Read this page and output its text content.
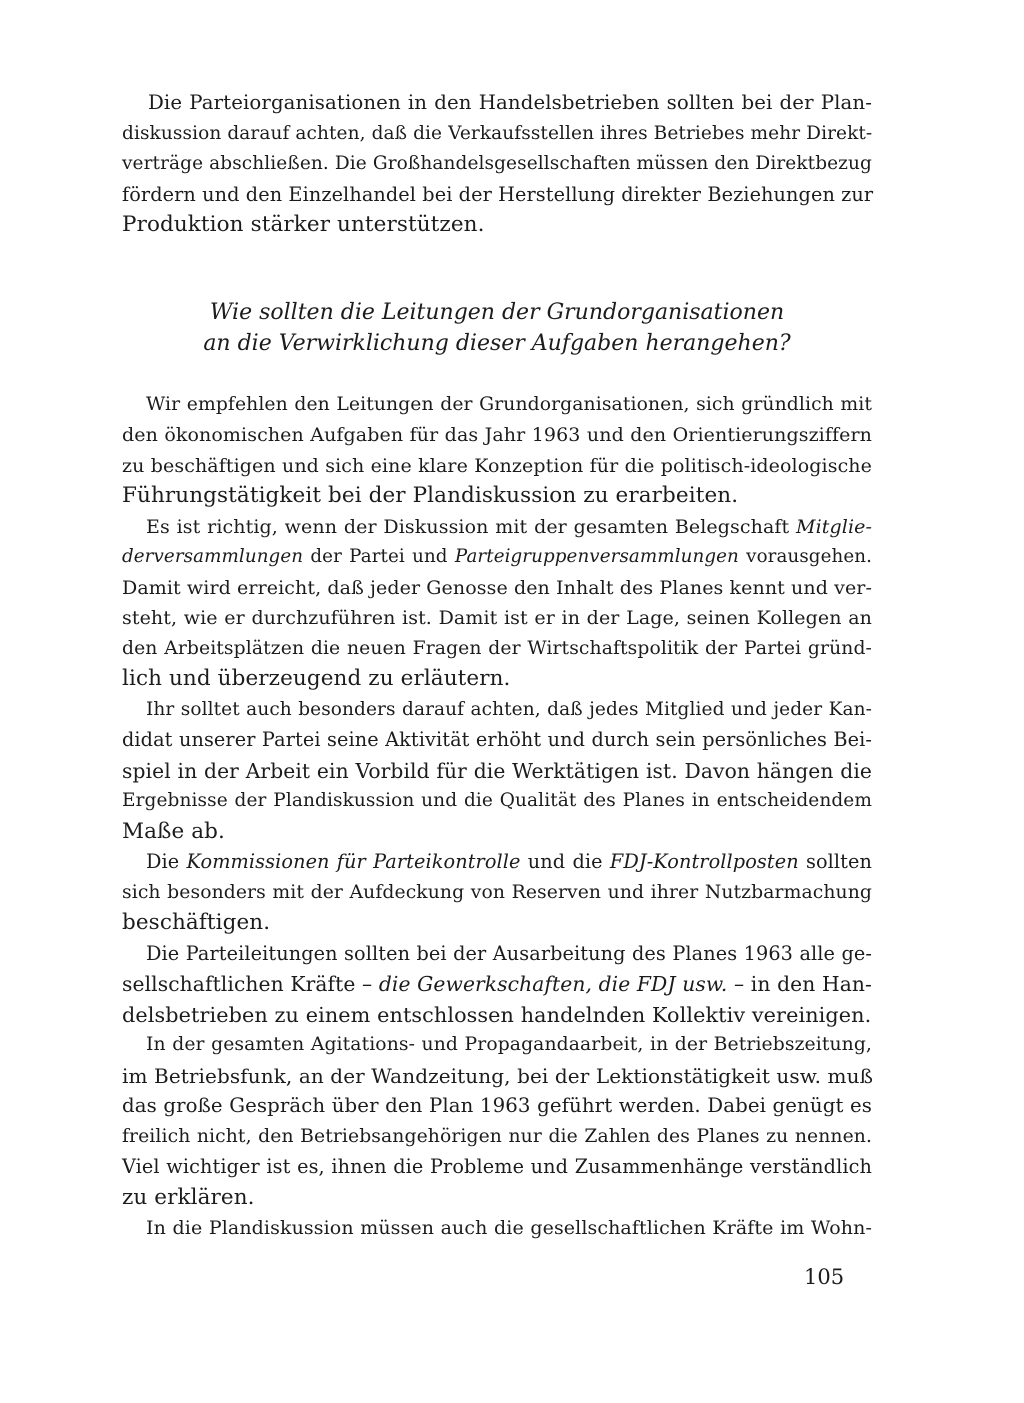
Die Parteiorganisationen in den Handelsbetrieben sollten bei der Plan-
diskussion darauf achten, daß die Verkaufsstellen ihres Betriebes mehr Direkt-
verträge abschließen. Die Großhandelsgesellschaften müssen den Direktbezug
fördern und den Einzelhandel bei der Herstellung direkter Beziehungen zur
Produktion stärker unterstützen.
Wie sollten die Leitungen der Grundorganisationen
an die Verwirklichung dieser Aufgaben herangehen?
Wir empfehlen den Leitungen der Grundorganisationen, sich gründlich mit
den ökonomischen Aufgaben für das Jahr 1963 und den Orientierungsziffern
zu beschäftigen und sich eine klare Konzeption für die politisch-ideologische
Führungstätigkeit bei der Plandiskussion zu erarbeiten.
Es ist richtig, wenn der Diskussion mit der gesamten Belegschaft Mitglie-
derversammlungen der Partei und Parteigruppenversammlungen vorausgehen.
Damit wird erreicht, daß jeder Genosse den Inhalt des Planes kennt und ver-
steht, wie er durchzuführen ist. Damit ist er in der Lage, seinen Kollegen an
den Arbeitsplätzen die neuen Fragen der Wirtschaftspolitik der Partei gründ-
lich und überzeugend zu erläutern.
Ihr solltet auch besonders darauf achten, daß jedes Mitglied und jeder Kan-
didat unserer Partei seine Aktivität erhöht und durch sein persönliches Bei-
spiel in der Arbeit ein Vorbild für die Werktätigen ist. Davon hängen die
Ergebnisse der Plandiskussion und die Qualität des Planes in entscheidendem
Maße ab.
Die Kommissionen für Parteikontrolle und die FDJ-Kontrollposten sollten
sich besonders mit der Aufdeckung von Reserven und ihrer Nutzbarmachung
beschäftigen.
Die Parteileitungen sollten bei der Ausarbeitung des Planes 1963 alle ge-
sellschaftlichen Kräfte – die Gewerkschaften, die FDJ usw. – in den Han-
delsbetrieben zu einem entschlossen handelnden Kollektiv vereinigen.
In der gesamten Agitations- und Propagandaarbeit, in der Betriebszeitung,
im Betriebsfunk, an der Wandzeitung, bei der Lektionstätigkeit usw. muß
das große Gespräch über den Plan 1963 geführt werden. Dabei genügt es
freilich nicht, den Betriebsangehörigen nur die Zahlen des Planes zu nennen.
Viel wichtiger ist es, ihnen die Probleme und Zusammenhänge verständlich
zu erklären.
In die Plandiskussion müssen auch die gesellschaftlichen Kräfte im Wohn-
105
